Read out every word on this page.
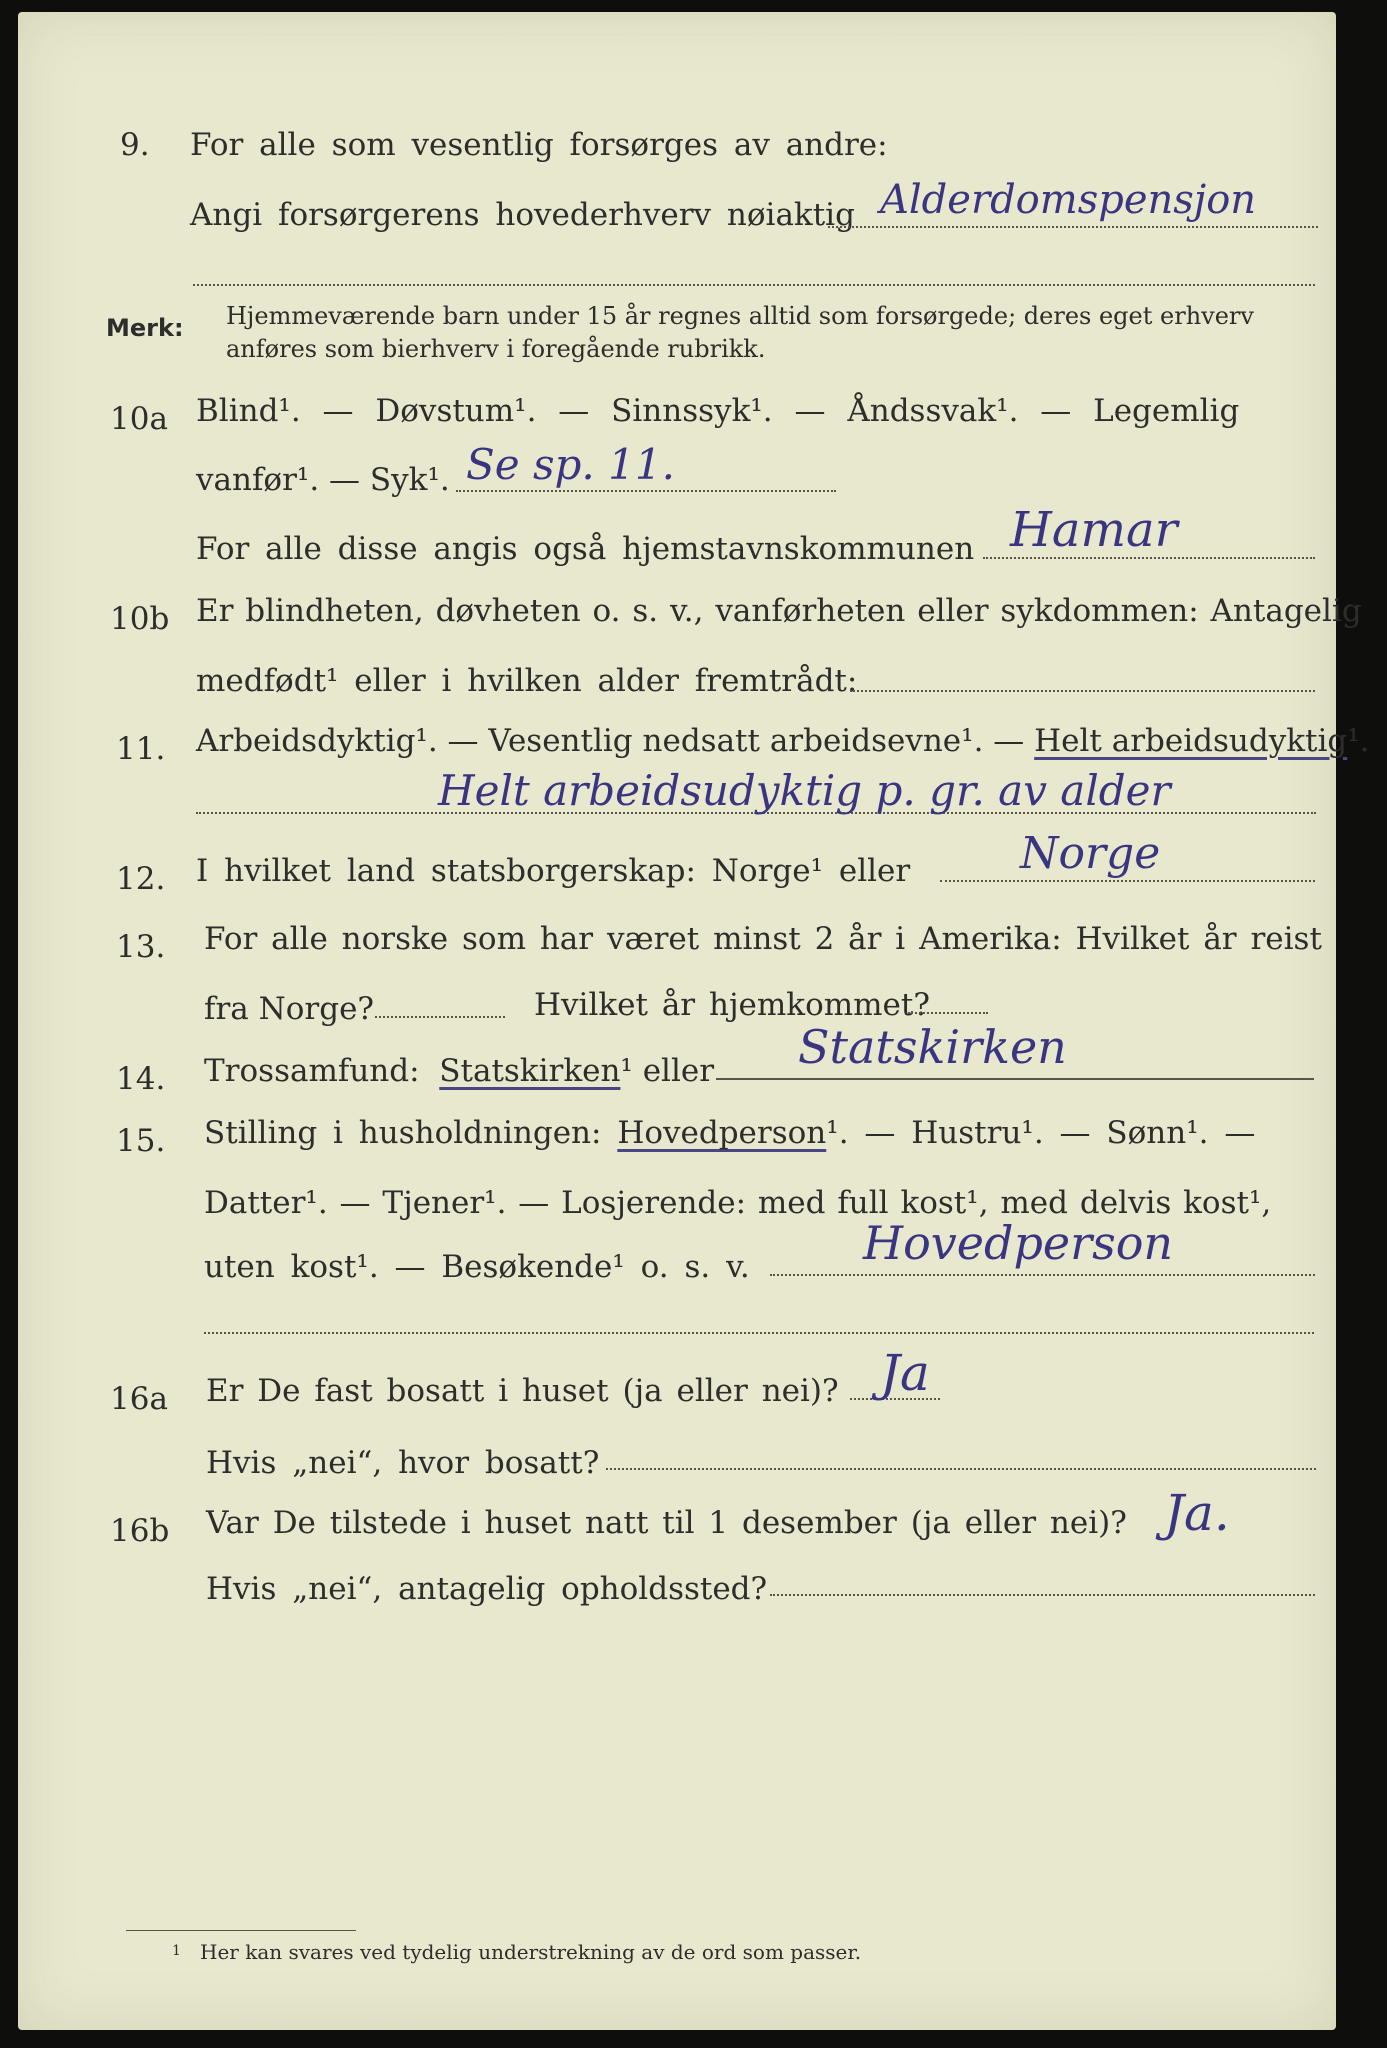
9. For alle som vesentlig forsørges av andre:
Angi forsørgerens hovederhverv nøiaktig Alderdomspensjon
Merk: Hjemmeværende barn under 15 år regnes alltid som forsørgede; deres eget erhverv
anføres som bierhverv i foregående rubrikk.
10a Blind¹. — Døvstum¹. — Sinnssyk¹. — Åndssvak¹. — Legemlig
vanfør¹. — Syk¹. Se sp. 11.
For alle disse angis også hjemstavnskommunen Hamar
10b Er blindheten, døvheten o. s. v., vanførheten eller sykdommen: Antagelig
medfødt¹ eller i hvilken alder fremtrådt:
11. Arbeidsdyktig¹. — Vesentlig nedsatt arbeidsevne¹. — Helt arbeidsudyktig¹.
Helt arbeidsudyktig p. gr. av alder
12. I hvilket land statsborgerskap: Norge¹ eller Norge
13. For alle norske som har været minst 2 år i Amerika: Hvilket år reist
fra Norge?	Hvilket år hjemkommet?
14. Trossamfund: Statskirken¹ eller Statskirken
15. Stilling i husholdningen: Hovedperson¹. — Hustru¹. — Sønn¹. —
Datter¹. — Tjener¹. — Losjerende: med full kost¹, med delvis kost¹,
uten kost¹. — Besøkende¹ o. s. v. Hovedperson
16a Er De fast bosatt i huset (ja eller nei)? Ja
Hvis „nei“, hvor bosatt?
16b Var De tilstede i huset natt til 1 desember (ja eller nei)? Ja.
Hvis „nei“, antagelig opholdssted?
1 Her kan svares ved tydelig understrekning av de ord som passer.
